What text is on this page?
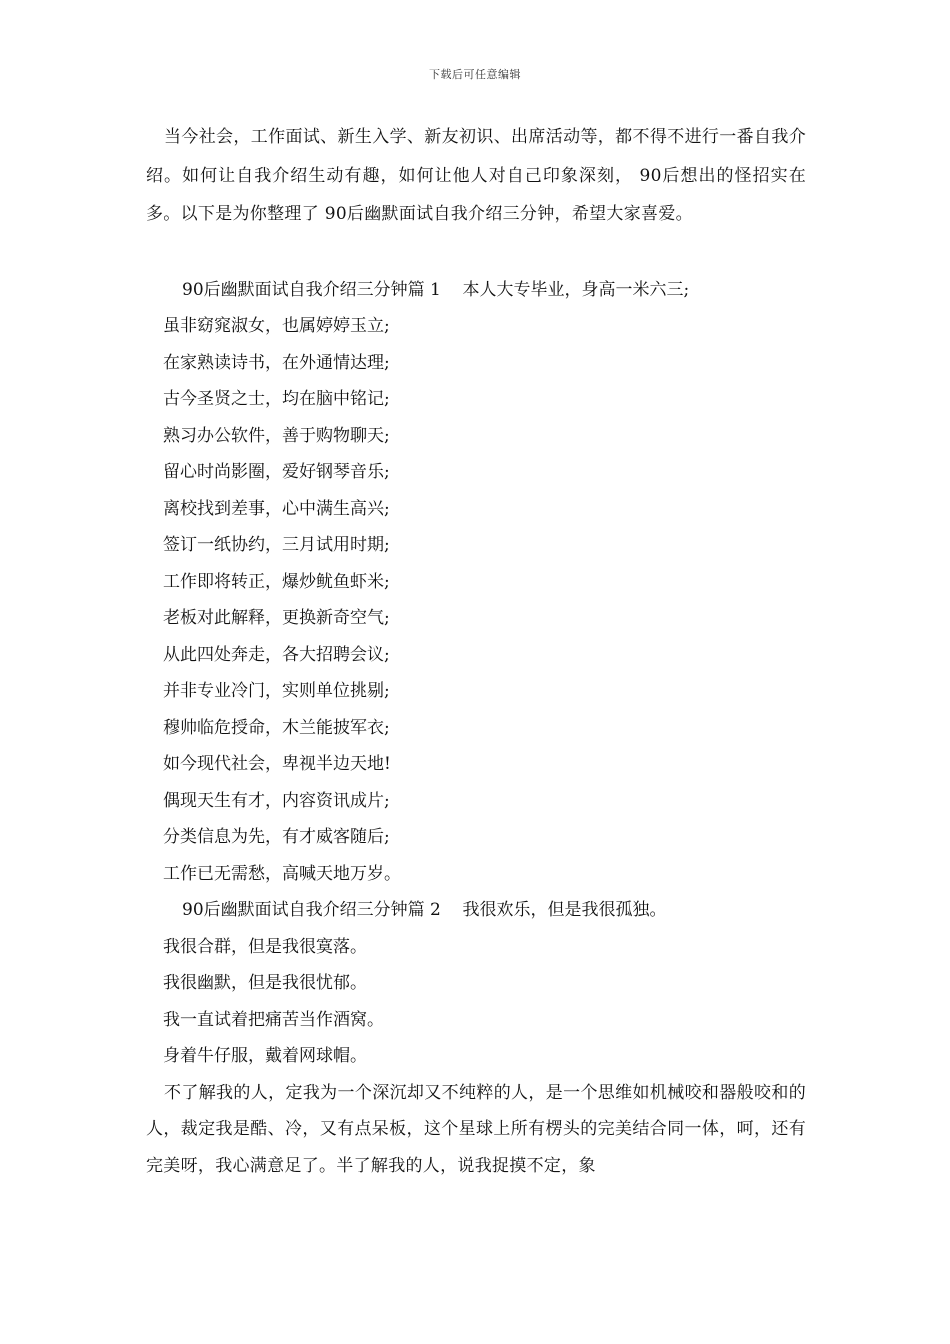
下载后可任意编辑

当今社会，工作面试、新生入学、新友初识、出席活动等，都不得不进行一番自我介绍。如何让自我介绍生动有趣，如何让他人对自己印象深刻， 90后想出的怪招实在多。以下是为你整理了 90后幽默面试自我介绍三分钟，希望大家喜爱。

90后幽默面试自我介绍三分钟篇 1    本人大专毕业，身高一米六三;

虽非窈窕淑女，也属婷婷玉立;

在家熟读诗书，在外通情达理;

古今圣贤之士，均在脑中铭记;

熟习办公软件，善于购物聊天;

留心时尚影圈，爱好钢琴音乐;

离校找到差事，心中满生高兴;

签订一纸协约，三月试用时期;

工作即将转正，爆炒鱿鱼虾米;

老板对此解释，更换新奇空气;

从此四处奔走，各大招聘会议;

并非专业冷门，实则单位挑剔;

穆帅临危授命，木兰能披军衣;

如今现代社会，卑视半边天地!

偶现天生有才，内容资讯成片;

分类信息为先，有才威客随后;

工作已无需愁，高喊天地万岁。

90后幽默面试自我介绍三分钟篇 2    我很欢乐，但是我很孤独。

我很合群，但是我很寞落。

我很幽默，但是我很忧郁。

我一直试着把痛苦当作酒窝。

身着牛仔服，戴着网球帽。

不了解我的人，定我为一个深沉却又不纯粹的人，是一个思维如机械咬和器般咬和的人，裁定我是酷、冷，又有点呆板，这个星球上所有楞头的完美结合同一体，呵，还有完美呀，我心满意足了。半了解我的人，说我捉摸不定，象
